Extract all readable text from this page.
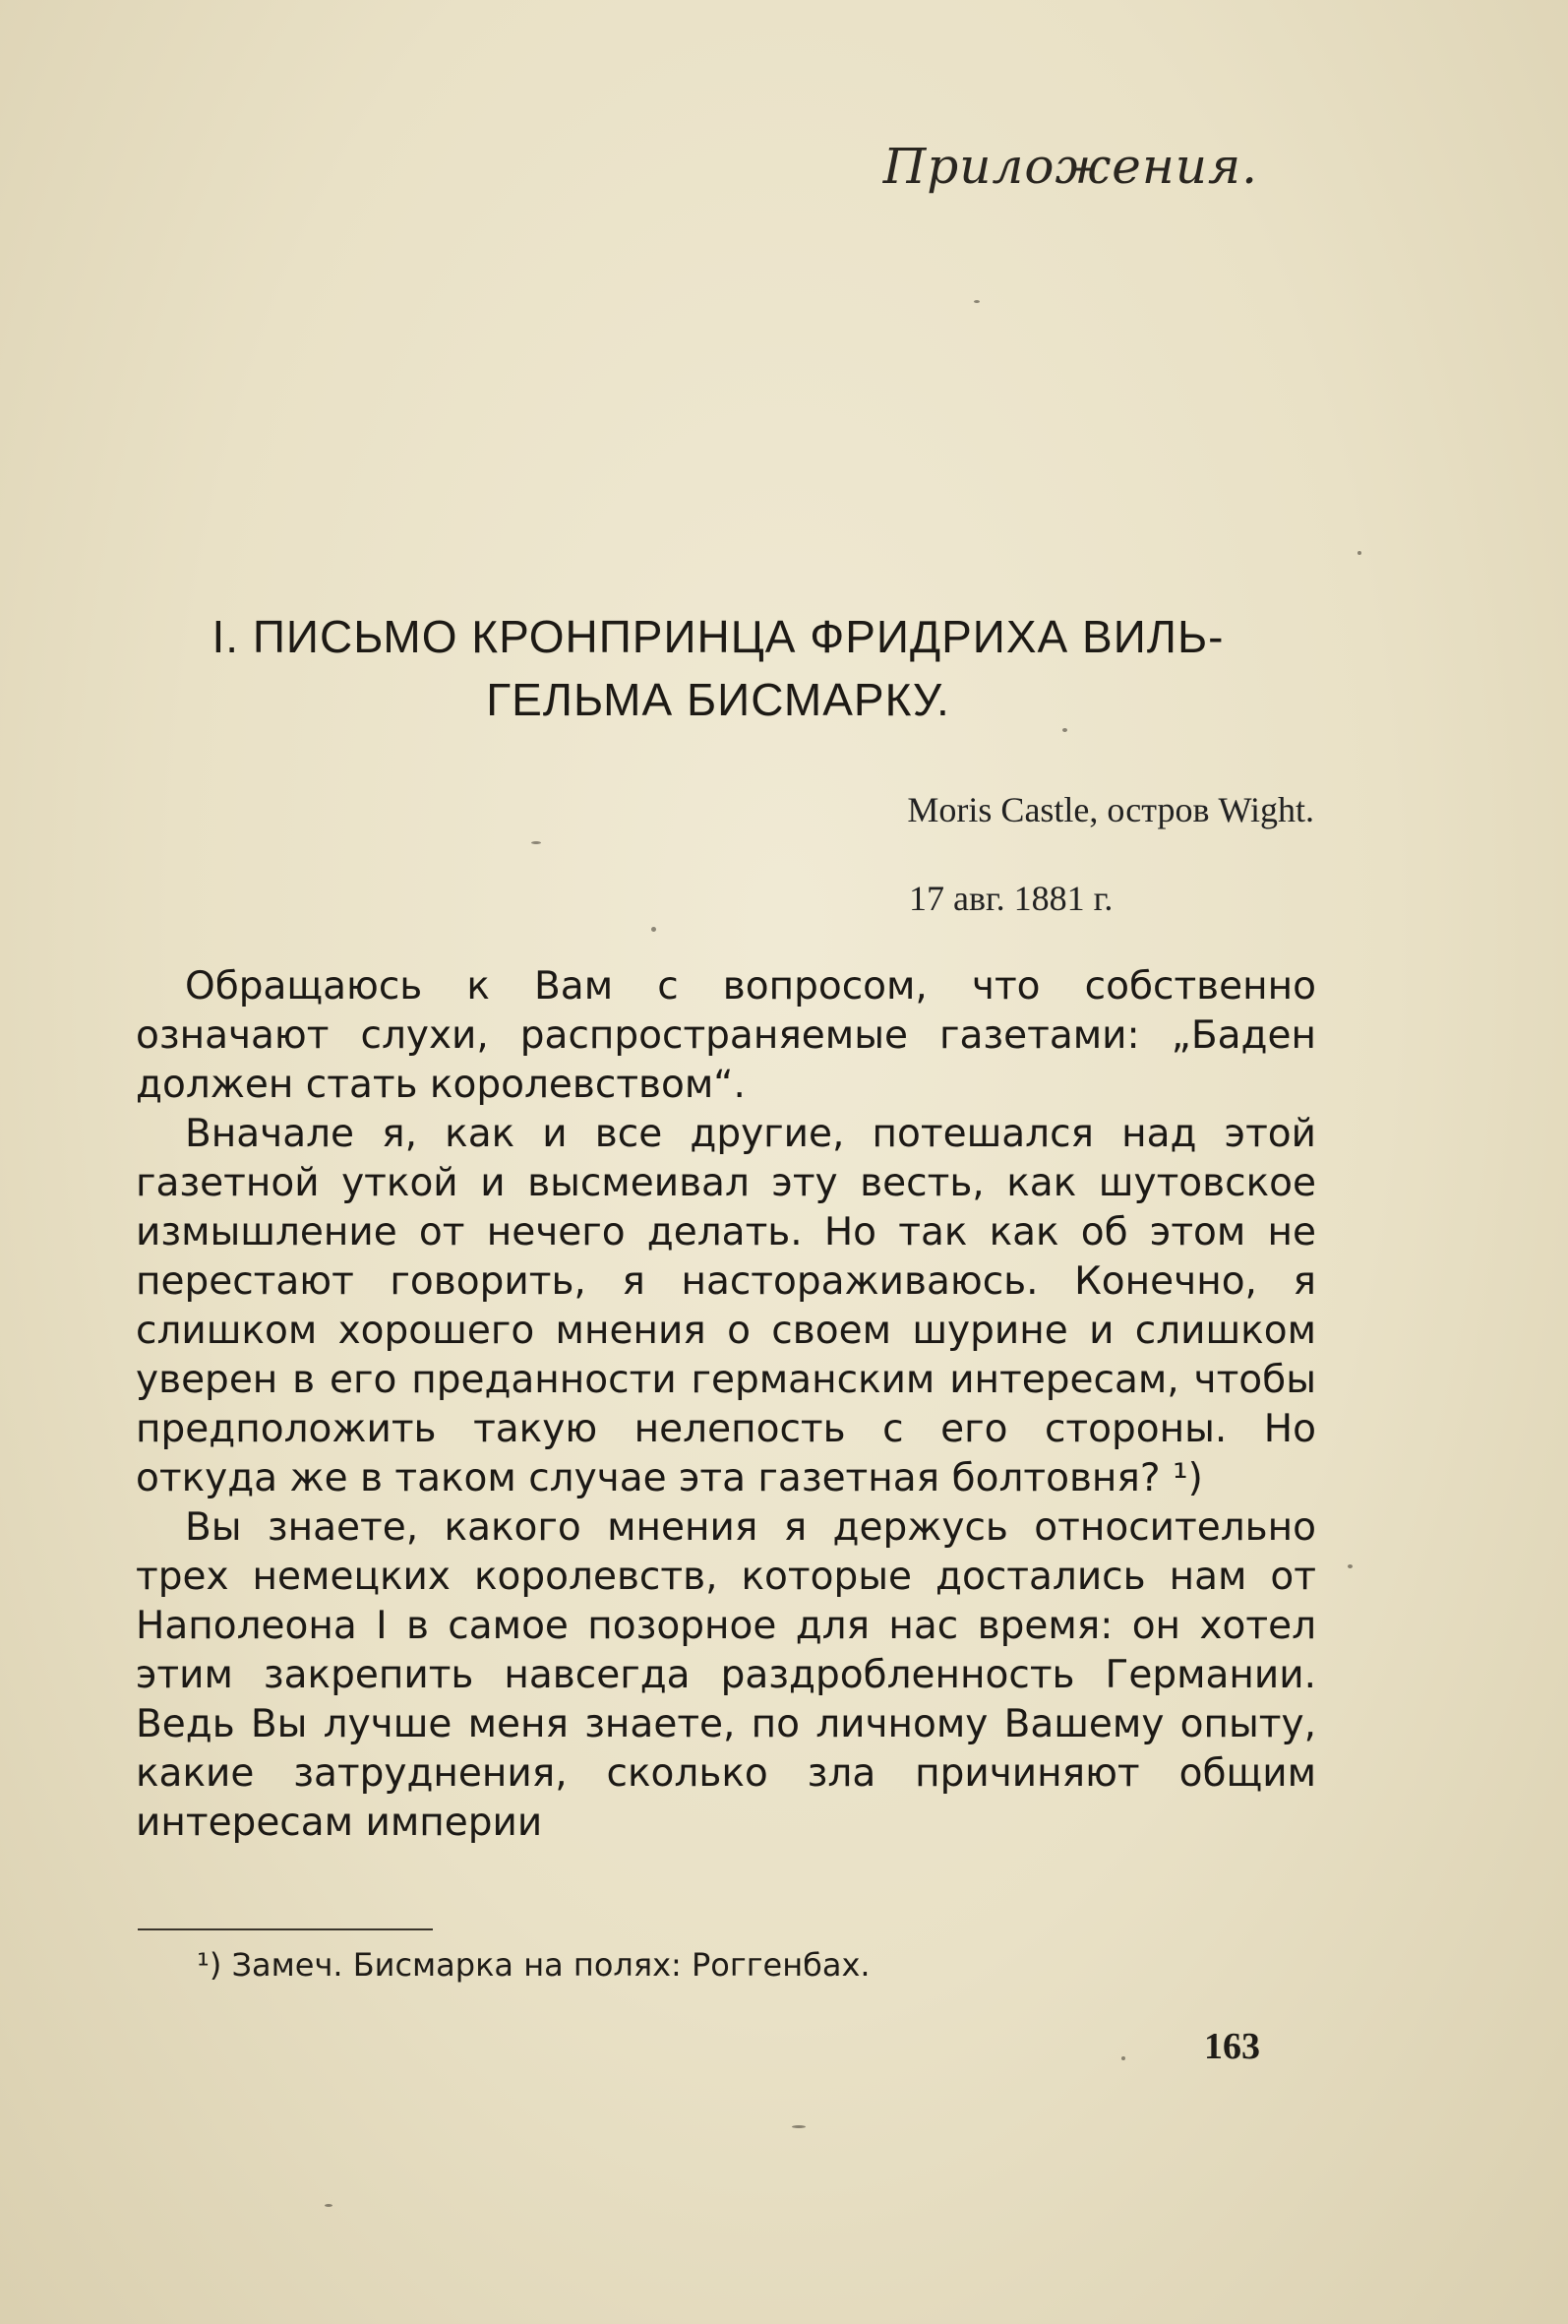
Приложения.
I. ПИСЬМО КРОНПРИНЦА ФРИДРИХА ВИЛЬ-
ГЕЛЬМА БИСМАРКУ.
Moris Castle, остров Wight.
17 авг. 1881 г.

Обращаюсь к Вам с вопросом, что собственно означают слухи, распространяемые газетами: „Баден должен стать королевством“.

Вначале я, как и все другие, потешался над этой газетной уткой и высмеивал эту весть, как шутовское измышление от нечего делать. Но так как об этом не перестают говорить, я настораживаюсь. Конечно, я слишком хорошего мнения о своем шурине и слишком уверен в его преданности германским интересам, чтобы предположить такую нелепость с его стороны. Но откуда же в таком случае эта газетная болтовня? ¹)

Вы знаете, какого мнения я держусь относительно трех немецких королевств, которые достались нам от Наполеона I в самое позорное для нас время: он хотел этим закрепить навсегда раздробленность Германии. Ведь Вы лучше меня знаете, по личному Вашему опыту, какие затруднения, сколько зла причиняют общим интересам империи

¹) Замеч. Бисмарка на полях: Роггенбах.
163
